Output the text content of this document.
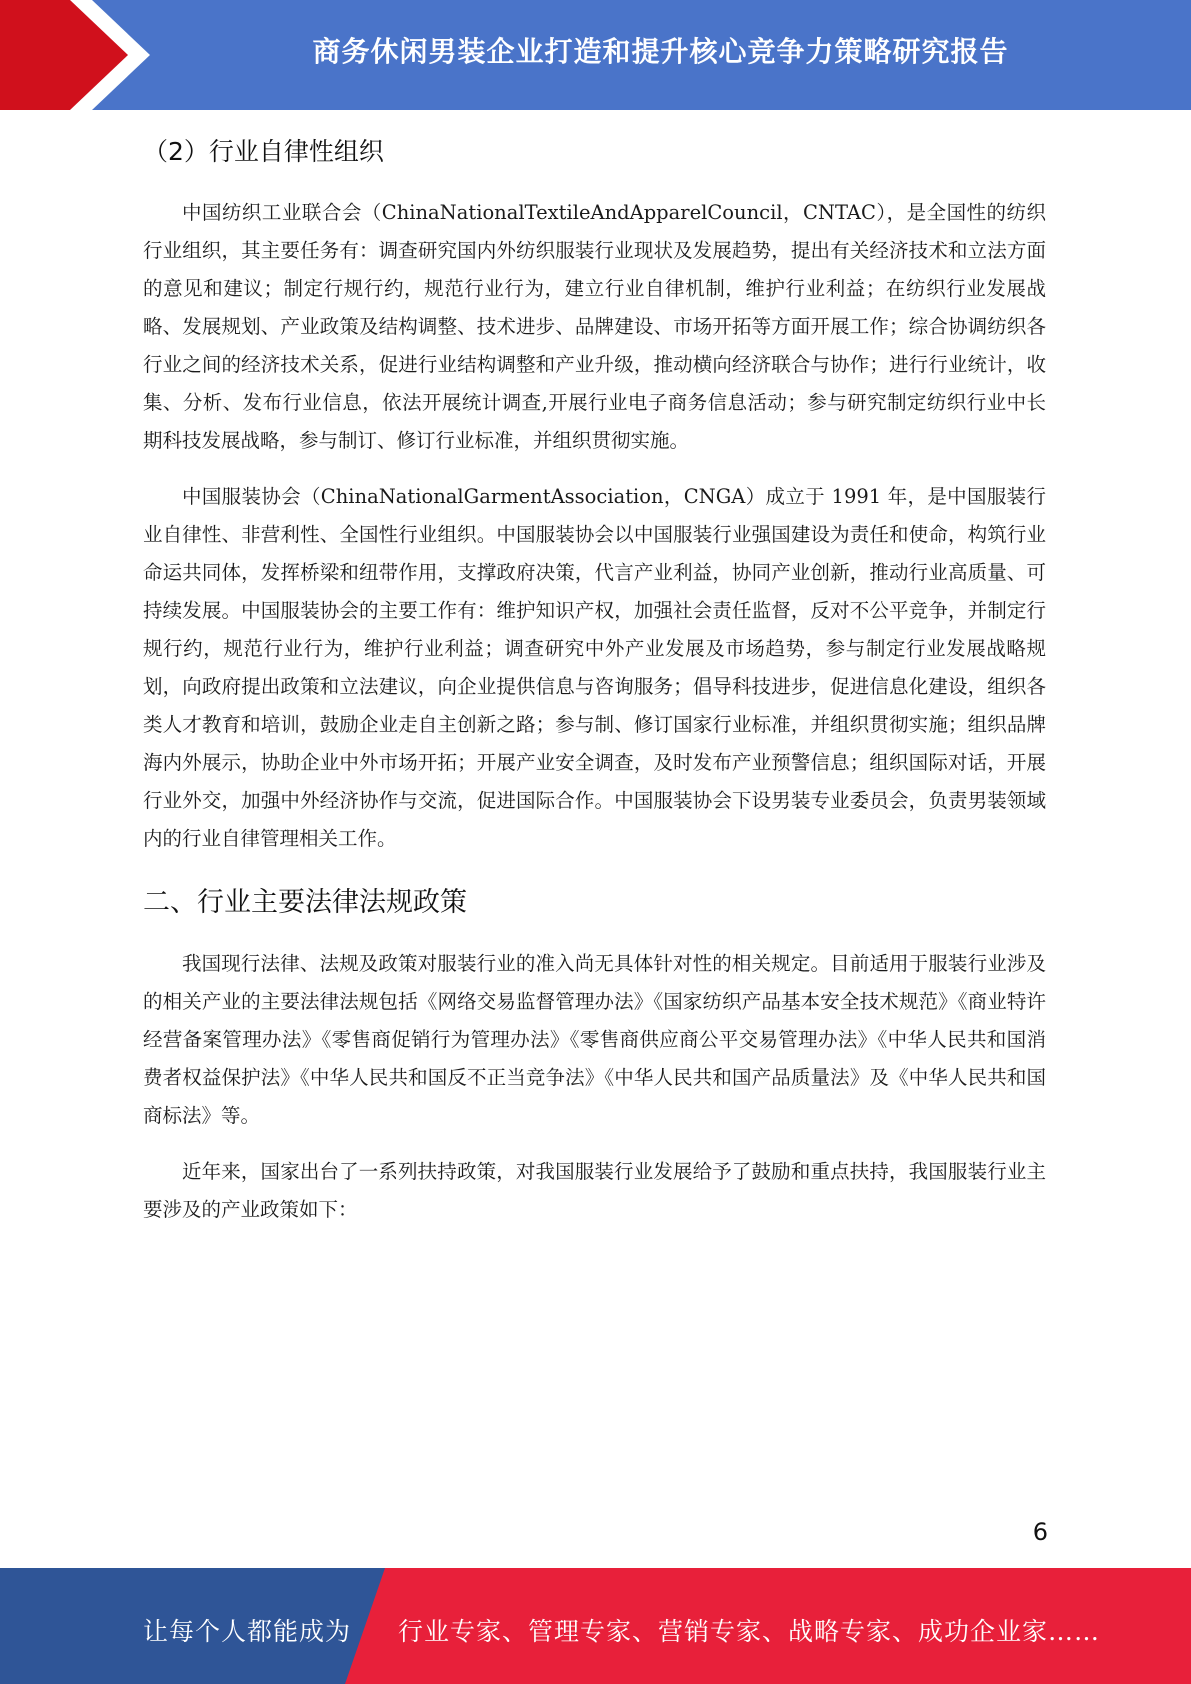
商务休闲男装企业打造和提升核心竞争力策略研究报告
（2）行业自律性组织

中国纺织工业联合会（ChinaNationalTextileAndApparelCouncil，CNTAC），是全国性的纺织行业组织，其主要任务有：调查研究国内外纺织服装行业现状及发展趋势，提出有关经济技术和立法方面的意见和建议；制定行规行约，规范行业行为，建立行业自律机制，维护行业利益；在纺织行业发展战略、发展规划、产业政策及结构调整、技术进步、品牌建设、市场开拓等方面开展工作；综合协调纺织各行业之间的经济技术关系，促进行业结构调整和产业升级，推动横向经济联合与协作；进行行业统计，收集、分析、发布行业信息，依法开展统计调查,开展行业电子商务信息活动；参与研究制定纺织行业中长期科技发展战略，参与制订、修订行业标准，并组织贯彻实施。

中国服装协会（ChinaNationalGarmentAssociation，CNGA）成立于 1991 年，是中国服装行业自律性、非营利性、全国性行业组织。中国服装协会以中国服装行业强国建设为责任和使命，构筑行业命运共同体，发挥桥梁和纽带作用，支撑政府决策，代言产业利益，协同产业创新，推动行业高质量、可持续发展。中国服装协会的主要工作有：维护知识产权，加强社会责任监督，反对不公平竞争，并制定行规行约，规范行业行为，维护行业利益；调查研究中外产业发展及市场趋势，参与制定行业发展战略规划，向政府提出政策和立法建议，向企业提供信息与咨询服务；倡导科技进步，促进信息化建设，组织各类人才教育和培训，鼓励企业走自主创新之路；参与制、修订国家行业标准，并组织贯彻实施；组织品牌海内外展示，协助企业中外市场开拓；开展产业安全调查，及时发布产业预警信息；组织国际对话，开展行业外交，加强中外经济协作与交流，促进国际合作。中国服装协会下设男装专业委员会，负责男装领域内的行业自律管理相关工作。

二、行业主要法律法规政策

我国现行法律、法规及政策对服装行业的准入尚无具体针对性的相关规定。目前适用于服装行业涉及的相关产业的主要法律法规包括《网络交易监督管理办法》《国家纺织产品基本安全技术规范》《商业特许经营备案管理办法》《零售商促销行为管理办法》《零售商供应商公平交易管理办法》《中华人民共和国消费者权益保护法》《中华人民共和国反不正当竞争法》《中华人民共和国产品质量法》及《中华人民共和国商标法》等。

近年来，国家出台了一系列扶持政策，对我国服装行业发展给予了鼓励和重点扶持，我国服装行业主要涉及的产业政策如下：

6
让每个人都能成为 行业专家、管理专家、营销专家、战略专家、成功企业家……
